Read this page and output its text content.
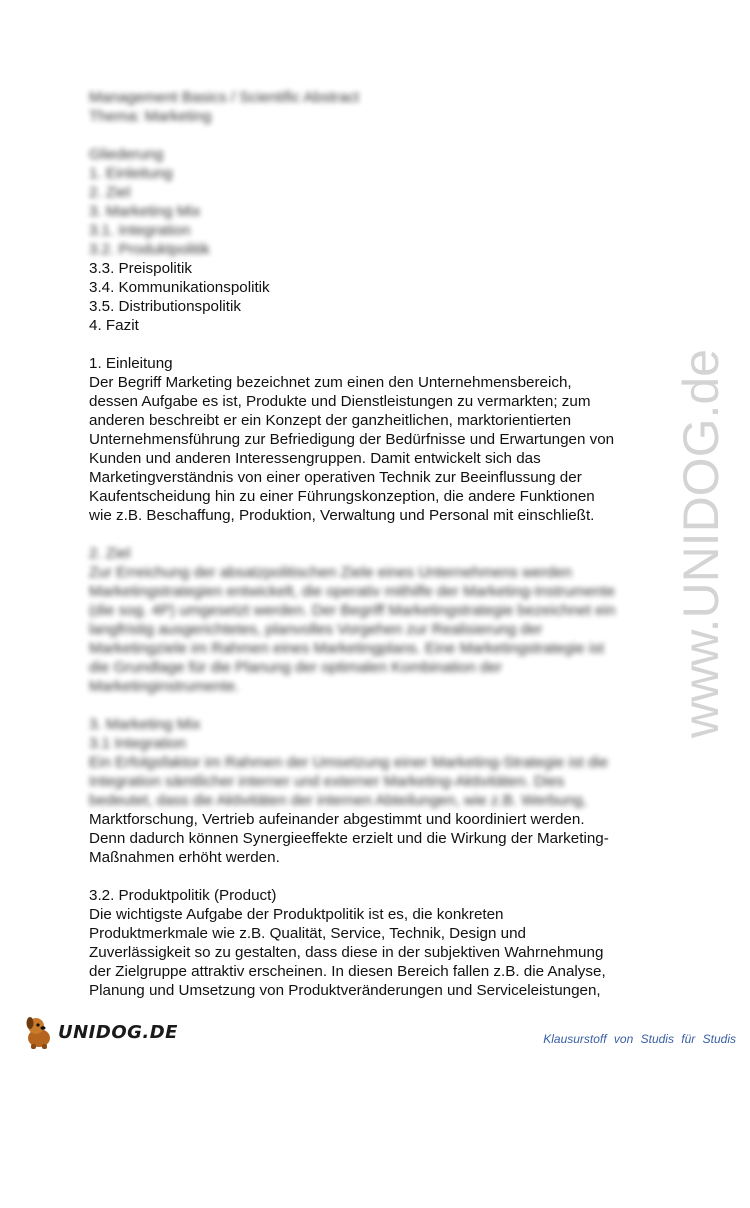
Management Basics / Scientific Abstract
Thema: Marketing
Gliederung
1. Einleitung
2. Ziel
3. Marketing Mix
3.1. Integration
3.2. Produktpolitik
3.3. Preispolitik
3.4. Kommunikationspolitik
3.5. Distributionspolitik
4. Fazit
1. Einleitung
Der Begriff Marketing bezeichnet zum einen den Unternehmensbereich,
dessen Aufgabe es ist, Produkte und Dienstleistungen zu vermarkten; zum
anderen beschreibt er ein Konzept der ganzheitlichen, marktorientierten
Unternehmensführung zur Befriedigung der Bedürfnisse und Erwartungen von
Kunden und anderen Interessengruppen. Damit entwickelt sich das
Marketingverständnis von einer operativen Technik zur Beeinflussung der
Kaufentscheidung hin zu einer Führungskonzeption, die andere Funktionen
wie z.B. Beschaffung, Produktion, Verwaltung und Personal mit einschließt.
2. Ziel
Zur Erreichung der absatzpolitischen Ziele eines Unternehmens werden
Marketingstrategien entwickelt, die operativ mithilfe der Marketing-Instrumente
(die sog. 4P) umgesetzt werden. Der Begriff Marketingstrategie bezeichnet ein
langfristig ausgerichtetes, planvolles Vorgehen zur Realisierung der
Marketingziele im Rahmen eines Marketingplans. Eine Marketingstrategie ist
die Grundlage für die Planung der optimalen Kombination der
Marketinginstrumente.
3. Marketing Mix
3.1 Integration
Ein Erfolgsfaktor im Rahmen der Umsetzung einer Marketing-Strategie ist die
Integration sämtlicher interner und externer Marketing-Aktivitäten. Dies
bedeutet, dass die Aktivitäten der internen Abteilungen, wie z.B. Werbung,
Marktforschung, Vertrieb aufeinander abgestimmt und koordiniert werden.
Denn dadurch können Synergieeffekte erzielt und die Wirkung der Marketing-
Maßnahmen erhöht werden.
3.2. Produktpolitik (Product)
Die wichtigste Aufgabe der Produktpolitik ist es, die konkreten
Produktmerkmale wie z.B. Qualität, Service, Technik, Design und
Zuverlässigkeit so zu gestalten, dass diese in der subjektiven Wahrnehmung
der Zielgruppe attraktiv erscheinen. In diesen Bereich fallen z.B. die Analyse,
Planung und Umsetzung von Produktveränderungen und Serviceleistungen,
www.UNIDOG.de
UNIDOG.DE	Klausurstoff von Studis für Studis
